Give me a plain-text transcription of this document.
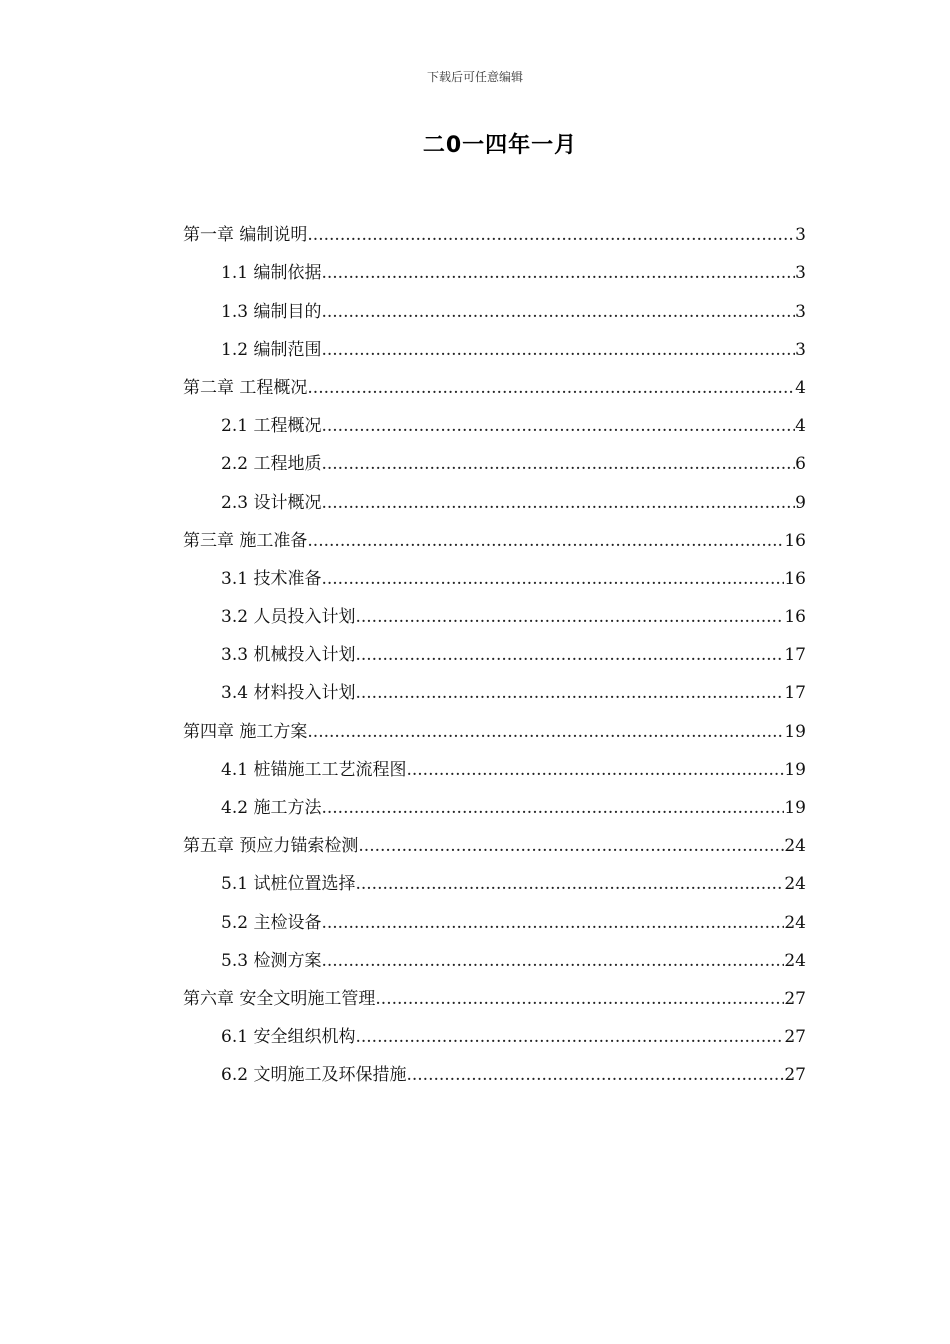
下载后可任意编辑
二0一四年一月
第一章 编制说明 .....	3
1.1 编制依据 .....	3
1.3 编制目的 .....	3
1.2 编制范围 .....	3
第二章 工程概况 .....	4
2.1 工程概况 .....	4
2.2 工程地质 .....	6
2.3 设计概况 .....	9
第三章 施工准备 .....	16
3.1 技术准备 .....	16
3.2 人员投入计划 .....	16
3.3 机械投入计划 .....	17
3.4 材料投入计划 .....	17
第四章 施工方案 .....	19
4.1 桩锚施工工艺流程图 .....	19
4.2 施工方法 .....	19
第五章 预应力锚索检测 .....	24
5.1 试桩位置选择 .....	24
5.2 主检设备 .....	24
5.3 检测方案 .....	24
第六章 安全文明施工管理 .....	27
6.1 安全组织机构 .....	27
6.2 文明施工及环保措施 .....	27
